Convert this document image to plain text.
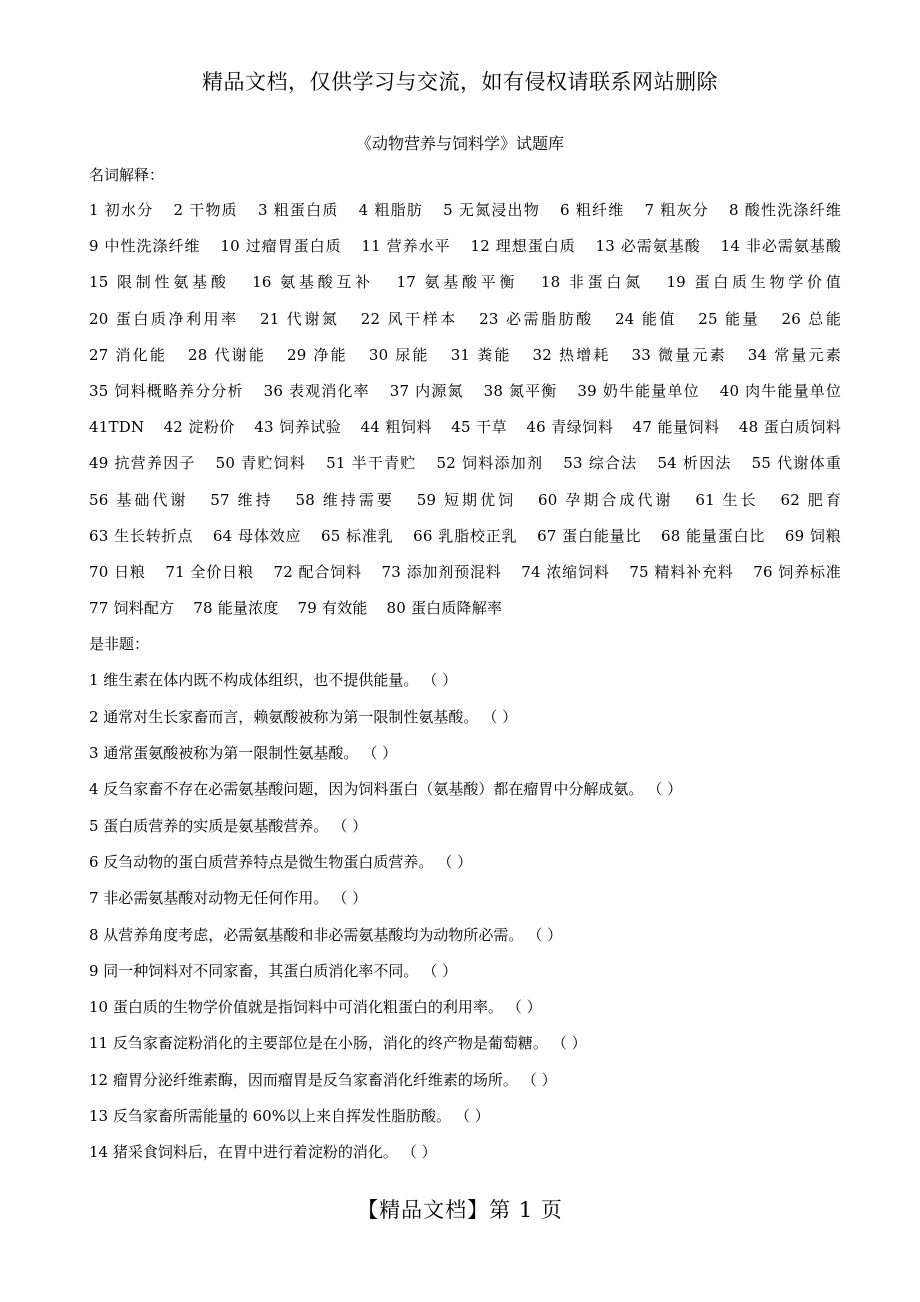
精品文档，仅供学习与交流，如有侵权请联系网站删除
《动物营养与饲料学》试题库
名词解释：
1 初水分 2 干物质 3 粗蛋白质 4 粗脂肪 5 无氮浸出物 6 粗纤维 7 粗灰分 8 酸性洗涤纤维 9 中性洗涤纤维 10 过瘤胃蛋白质 11 营养水平 12 理想蛋白质 13 必需氨基酸 14 非必需氨基酸 15 限制性氨基酸 16 氨基酸互补 17 氨基酸平衡 18 非蛋白氮 19 蛋白质生物学价值 20 蛋白质净利用率 21 代谢氮 22 风干样本 23 必需脂肪酸 24 能值 25 能量 26 总能 27 消化能 28 代谢能 29 净能 30 尿能 31 粪能 32 热增耗 33 微量元素 34 常量元素 35 饲料概略养分分析 36 表观消化率 37 内源氮 38 氮平衡 39 奶牛能量单位 40 肉牛能量单位 41TDN 42 淀粉价 43 饲养试验 44 粗饲料 45 干草 46 青绿饲料 47 能量饲料 48 蛋白质饲料 49 抗营养因子 50 青贮饲料 51 半干青贮 52 饲料添加剂 53 综合法 54 析因法 55 代谢体重 56 基础代谢 57 维持 58 维持需要 59 短期优饲 60 孕期合成代谢 61 生长 62 肥育 63 生长转折点 64 母体效应 65 标准乳 66 乳脂校正乳 67 蛋白能量比 68 能量蛋白比 69 饲粮 70 日粮 71 全价日粮 72 配合饲料 73 添加剂预混料 74 浓缩饲料 75 精料补充料 76 饲养标准 77 饲料配方 78 能量浓度 79 有效能 80 蛋白质降解率
是非题：
1 维生素在体内既不构成体组织，也不提供能量。 （ ）
2 通常对生长家畜而言，赖氨酸被称为第一限制性氨基酸。 （ ）
3 通常蛋氨酸被称为第一限制性氨基酸。 （ ）
4 反刍家畜不存在必需氨基酸问题，因为饲料蛋白（氨基酸）都在瘤胃中分解成氨。 （ ）
5 蛋白质营养的实质是氨基酸营养。 （ ）
6 反刍动物的蛋白质营养特点是微生物蛋白质营养。 （ ）
7 非必需氨基酸对动物无任何作用。 （ ）
8 从营养角度考虑，必需氨基酸和非必需氨基酸均为动物所必需。 （ ）
9 同一种饲料对不同家畜，其蛋白质消化率不同。 （ ）
10 蛋白质的生物学价值就是指饲料中可消化粗蛋白的利用率。 （ ）
11 反刍家畜淀粉消化的主要部位是在小肠，消化的终产物是葡萄糖。 （ ）
12 瘤胃分泌纤维素酶，因而瘤胃是反刍家畜消化纤维素的场所。 （ ）
13 反刍家畜所需能量的 60%以上来自挥发性脂肪酸。 （ ）
14 猪采食饲料后，在胃中进行着淀粉的消化。 （ ）
【精品文档】第 1 页
